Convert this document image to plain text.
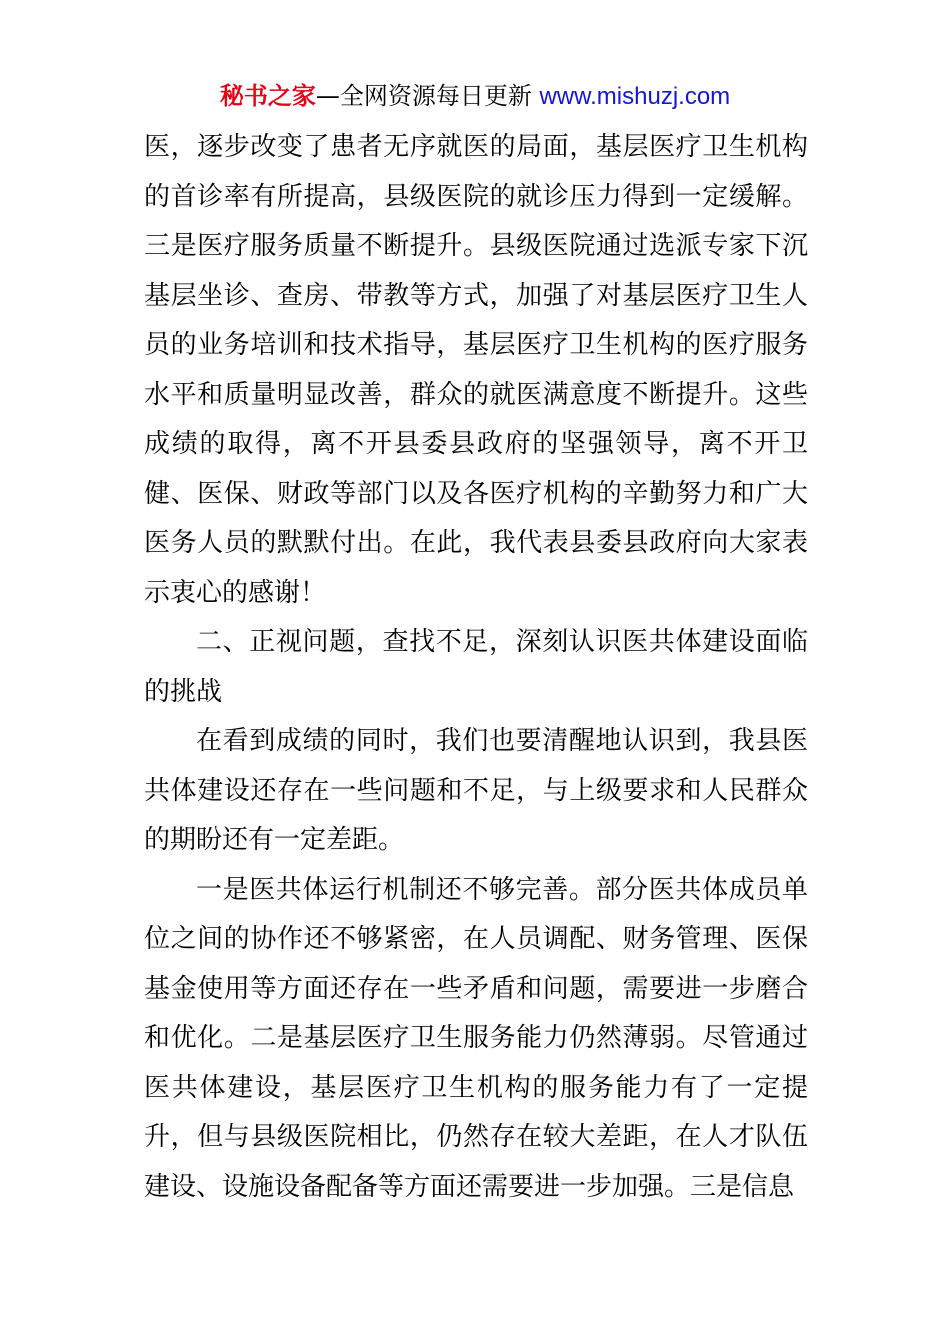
秘书之家—全网资源每日更新 www.mishuzj.com

医，逐步改变了患者无序就医的局面，基层医疗卫生机构的首诊率有所提高，县级医院的就诊压力得到一定缓解。三是医疗服务质量不断提升。县级医院通过选派专家下沉基层坐诊、查房、带教等方式，加强了对基层医疗卫生人员的业务培训和技术指导，基层医疗卫生机构的医疗服务水平和质量明显改善，群众的就医满意度不断提升。这些成绩的取得，离不开县委县政府的坚强领导，离不开卫健、医保、财政等部门以及各医疗机构的辛勤努力和广大医务人员的默默付出。在此，我代表县委县政府向大家表示衷心的感谢！

二、正视问题，查找不足，深刻认识医共体建设面临的挑战

在看到成绩的同时，我们也要清醒地认识到，我县医共体建设还存在一些问题和不足，与上级要求和人民群众的期盼还有一定差距。

一是医共体运行机制还不够完善。部分医共体成员单位之间的协作还不够紧密，在人员调配、财务管理、医保基金使用等方面还存在一些矛盾和问题，需要进一步磨合和优化。二是基层医疗卫生服务能力仍然薄弱。尽管通过医共体建设，基层医疗卫生机构的服务能力有了一定提升，但与县级医院相比，仍然存在较大差距，在人才队伍建设、设施设备配备等方面还需要进一步加强。三是信息
